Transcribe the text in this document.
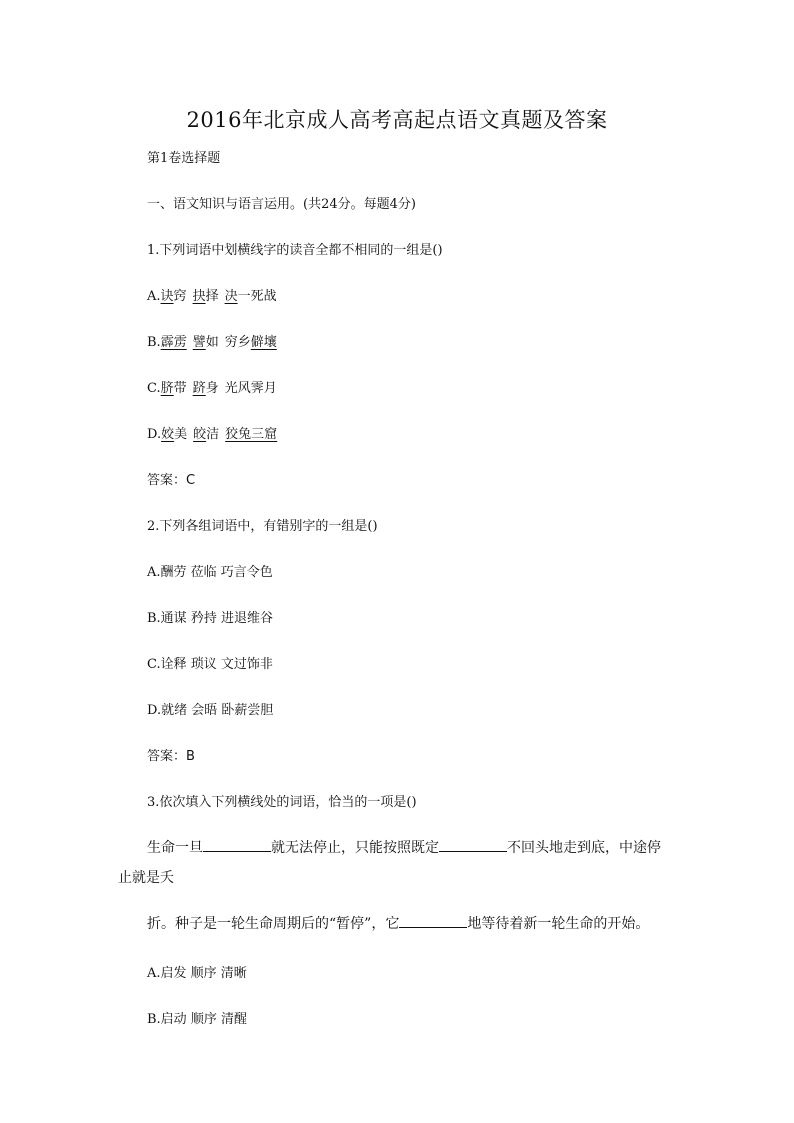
2016年北京成人高考高起点语文真题及答案
第1卷选择题
一、语文知识与语言运用。(共24分。每题4分)
1.下列词语中划横线字的读音全都不相同的一组是()
A.诀窍 抉择 决一死战
B.霹雳 譬如 穷乡僻壤
C.脐带 跻身 光风霁月
D.姣美 皎洁 狡兔三窟
答案：C
2.下列各组词语中，有错别字的一组是()
A.酬劳 莅临 巧言令色
B.通谋 矜持 进退维谷
C.诠释 琐议 文过饰非
D.就绪 会晤 卧薪尝胆
答案：B
3.依次填入下列横线处的词语，恰当的一项是()
生命一旦	就无法停止，只能按照既定	不回头地走到底，中途停
止就是夭
折。种子是一轮生命周期后的“暂停”，它	地等待着新一轮生命的开始。
A.启发 顺序 清晰
B.启动 顺序 清醒
